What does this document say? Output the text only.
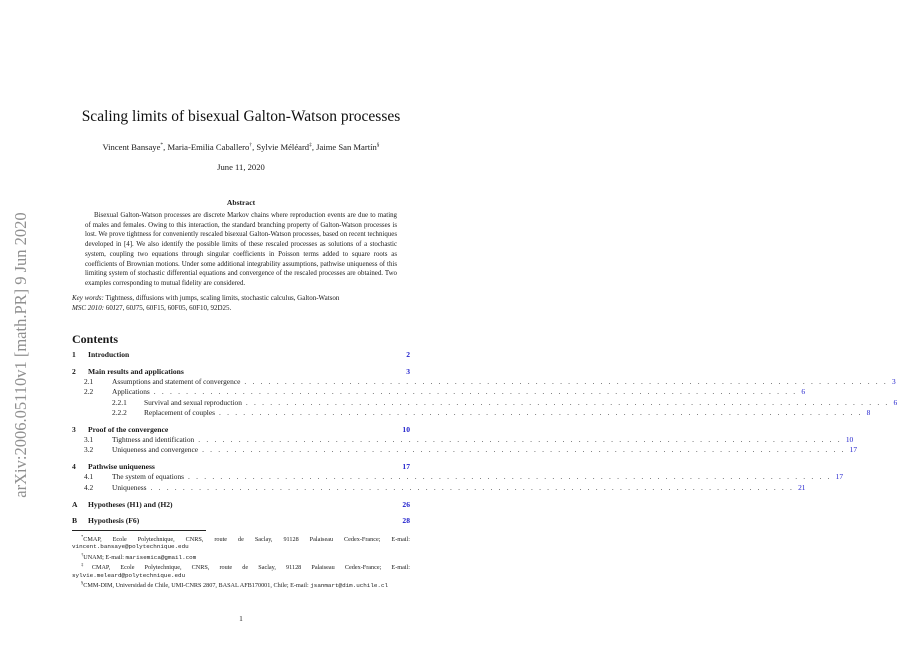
arXiv:2006.05110v1 [math.PR] 9 Jun 2020
Scaling limits of bisexual Galton-Watson processes
Vincent Bansaye*, Maria-Emilia Caballero†, Sylvie Méléard‡, Jaime San Martín§
June 11, 2020
Abstract
Bisexual Galton-Watson processes are discrete Markov chains where reproduction events are due to mating of males and females. Owing to this interaction, the standard branching property of Galton-Watson processes is lost. We prove tightness for conveniently rescaled bisexual Galton-Watson processes, based on recent techniques developed in [4]. We also identify the possible limits of these rescaled processes as solutions of a stochastic system, coupling two equations through singular coefficients in Poisson terms added to square roots as coefficients of Brownian motions. Under some additional integrability assumptions, pathwise uniqueness of this limiting system of stochastic differential equations and convergence of the rescaled processes are obtained. Two examples corresponding to mutual fidelity are considered.
Key words: Tightness, diffusions with jumps, scaling limits, stochastic calculus, Galton-Watson
MSC 2010: 60J27, 60J75, 60F15, 60F05, 60F10, 92D25.
Contents
1	Introduction	2
2	Main results and applications	3
2.1	Assumptions and statement of convergence . . . . . . . . . . . . . . . . . . . . . . . . . . . . . . . . . . . . . . . . . . . . . . . . . . . . . . . . . . . . . . . . . . . . . . . . . . . . . . . . 3
2.2	Applications . . . . . . . . . . . . . . . . . . . . . . . . . . . . . . . . . . . . . . . . . . . . . . . . . . . . . . . . . . . . . . . . . . . . . . . . . . . . . . . . 6
2.2.1	Survival and sexual reproduction . . . . . . . . . . . . . . . . . . . . . . . . . . . . . . . . . . . . . . . . . . . . . . . . . . . . . . . . . . . . . . . . . . . . . . . . . . . . . . . . 6
2.2.2	Replacement of couples . . . . . . . . . . . . . . . . . . . . . . . . . . . . . . . . . . . . . . . . . . . . . . . . . . . . . . . . . . . . . . . . . . . . . . . . . . . . . . . . 8
3	Proof of the convergence	10
3.1	Tightness and identification . . . . . . . . . . . . . . . . . . . . . . . . . . . . . . . . . . . . . . . . . . . . . . . . . . . . . . . . . . . . . . . . . . . . . . . . . . . . . . . . 10
3.2	Uniqueness and convergence . . . . . . . . . . . . . . . . . . . . . . . . . . . . . . . . . . . . . . . . . . . . . . . . . . . . . . . . . . . . . . . . . . . . . . . . . . . . . . . . 17
4	Pathwise uniqueness	17
4.1	The system of equations . . . . . . . . . . . . . . . . . . . . . . . . . . . . . . . . . . . . . . . . . . . . . . . . . . . . . . . . . . . . . . . . . . . . . . . . . . . . . . . . 17
4.2	Uniqueness . . . . . . . . . . . . . . . . . . . . . . . . . . . . . . . . . . . . . . . . . . . . . . . . . . . . . . . . . . . . . . . . . . . . . . . . . . . . . . . . 21
A	Hypotheses (H1) and (H2)	26
B	Hypothesis (F6)	28
*CMAP, Ecole Polytechnique, CNRS, route de Saclay, 91128 Palaiseau Cedex-France; E-mail: vincent.bansaye@polytechnique.edu
†UNAM; E-mail: marisemica@gmail.com
‡CMAP, Ecole Polytechnique, CNRS, route de Saclay, 91128 Palaiseau Cedex-France; E-mail: sylvie.meleard@polytechnique.edu
§CMM-DIM, Universidad de Chile, UMI-CNRS 2807, BASAL AFB170001, Chile; E-mail: jsanmart@dim.uchile.cl
1
